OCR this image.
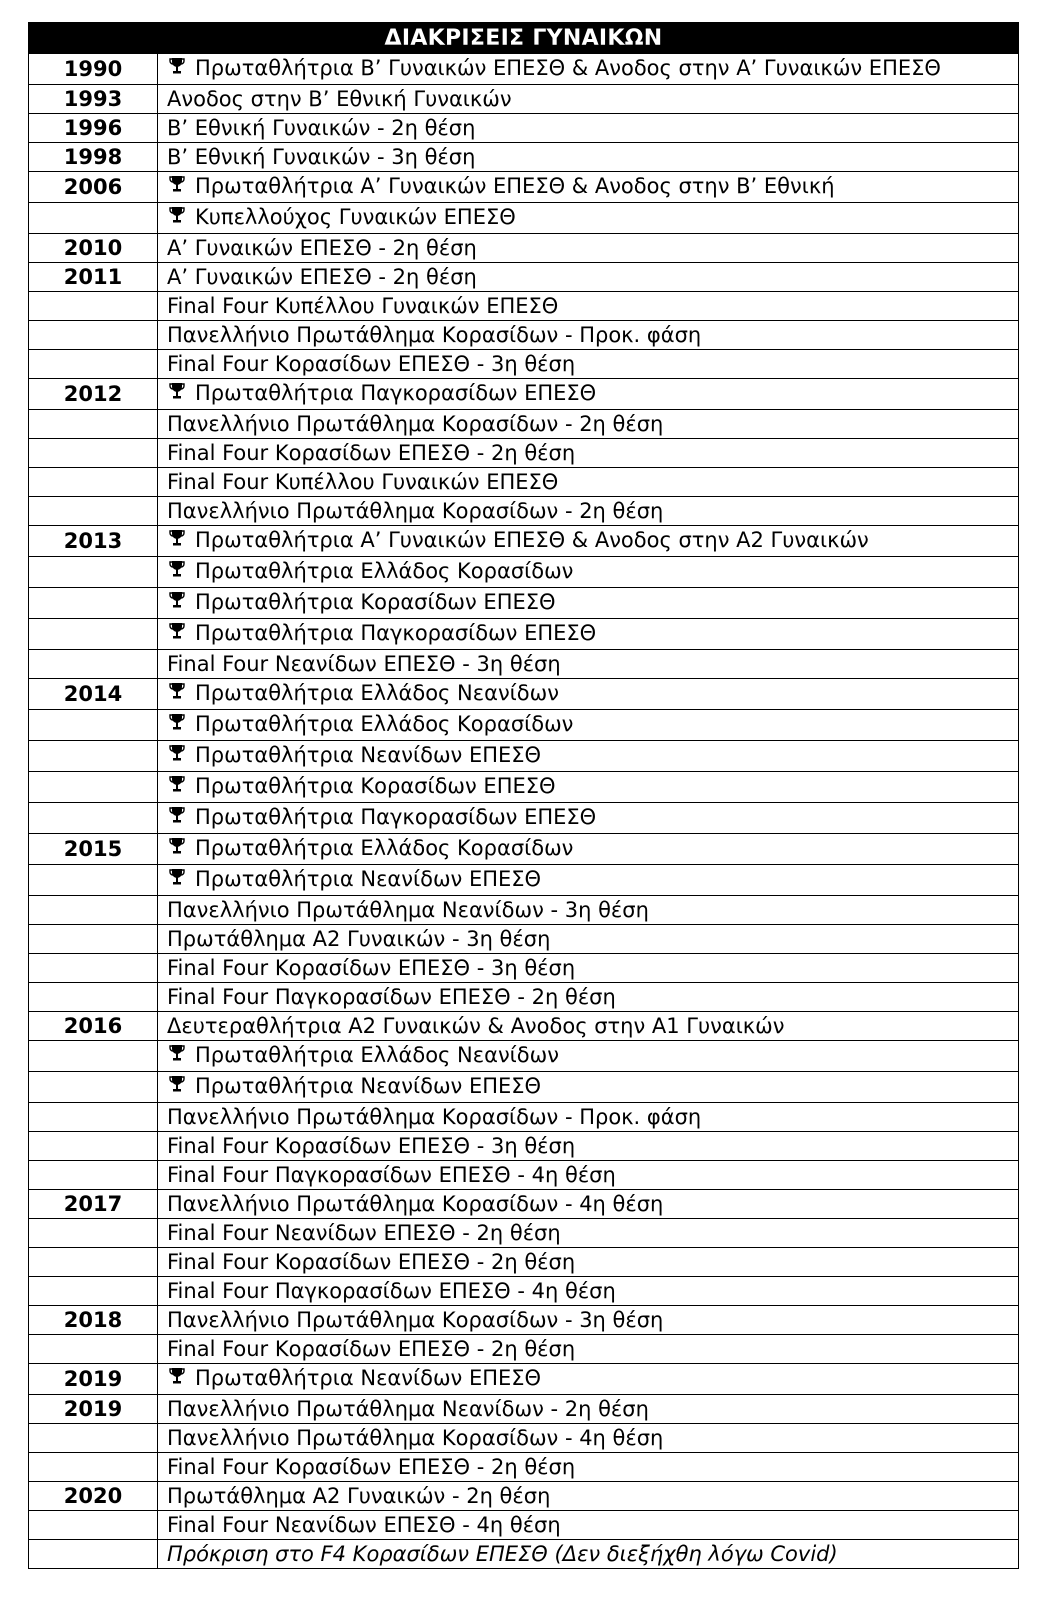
ΔΙΑΚΡΙΣΕΙΣ ΓΥΝΑΙΚΩΝ	
1990	Πρωταθλήτρια Β’ Γυναικών ΕΠΕΣΘ & Ανοδος στην Α’ Γυναικών ΕΠΕΣΘ
1993	Ανοδος στην Β’ Εθνική Γυναικών
1996	Β’ Εθνική Γυναικών - 2η θέση
1998	Β’ Εθνική Γυναικών - 3η θέση
2006	Πρωταθλήτρια Α’ Γυναικών ΕΠΕΣΘ & Ανοδος στην Β’ Εθνική
	Κυπελλούχος Γυναικών ΕΠΕΣΘ
2010	Α’ Γυναικών ΕΠΕΣΘ - 2η θέση
2011	Α’ Γυναικών ΕΠΕΣΘ - 2η θέση
	Final Four Κυπέλλου Γυναικών ΕΠΕΣΘ
	Πανελλήνιο Πρωτάθλημα Κορασίδων - Προκ. φάση
	Final Four Κορασίδων ΕΠΕΣΘ - 3η θέση
2012	Πρωταθλήτρια Παγκορασίδων ΕΠΕΣΘ
	Πανελλήνιο Πρωτάθλημα Κορασίδων - 2η θέση
	Final Four Κορασίδων ΕΠΕΣΘ - 2η θέση
	Final Four Κυπέλλου Γυναικών ΕΠΕΣΘ
	Πανελλήνιο Πρωτάθλημα Κορασίδων - 2η θέση
2013	Πρωταθλήτρια Α’ Γυναικών ΕΠΕΣΘ & Ανοδος στην Α2 Γυναικών
	Πρωταθλήτρια Ελλάδος Κορασίδων
	Πρωταθλήτρια Κορασίδων ΕΠΕΣΘ
	Πρωταθλήτρια Παγκορασίδων ΕΠΕΣΘ
	Final Four Νεανίδων ΕΠΕΣΘ - 3η θέση
2014	Πρωταθλήτρια Ελλάδος Νεανίδων
	Πρωταθλήτρια Ελλάδος Κορασίδων
	Πρωταθλήτρια Νεανίδων ΕΠΕΣΘ
	Πρωταθλήτρια Κορασίδων ΕΠΕΣΘ
	Πρωταθλήτρια Παγκορασίδων ΕΠΕΣΘ
2015	Πρωταθλήτρια Ελλάδος Κορασίδων
	Πρωταθλήτρια Νεανίδων ΕΠΕΣΘ
	Πανελλήνιο Πρωτάθλημα Νεανίδων - 3η θέση
	Πρωτάθλημα Α2 Γυναικών - 3η θέση
	Final Four Κορασίδων ΕΠΕΣΘ - 3η θέση
	Final Four Παγκορασίδων ΕΠΕΣΘ - 2η θέση
2016	Δευτεραθλήτρια Α2 Γυναικών & Ανοδος στην Α1 Γυναικών
	Πρωταθλήτρια Ελλάδος Νεανίδων
	Πρωταθλήτρια Νεανίδων ΕΠΕΣΘ
	Πανελλήνιο Πρωτάθλημα Κορασίδων - Προκ. φάση
	Final Four Κορασίδων ΕΠΕΣΘ - 3η θέση
	Final Four Παγκορασίδων ΕΠΕΣΘ - 4η θέση
2017	Πανελλήνιο Πρωτάθλημα Κορασίδων - 4η θέση
	Final Four Νεανίδων ΕΠΕΣΘ - 2η θέση
	Final Four Κορασίδων ΕΠΕΣΘ - 2η θέση
	Final Four Παγκορασίδων ΕΠΕΣΘ - 4η θέση
2018	Πανελλήνιο Πρωτάθλημα Κορασίδων - 3η θέση
	Final Four Κορασίδων ΕΠΕΣΘ - 2η θέση
2019	Πρωταθλήτρια Νεανίδων ΕΠΕΣΘ
2019	Πανελλήνιο Πρωτάθλημα Νεανίδων - 2η θέση
	Πανελλήνιο Πρωτάθλημα Κορασίδων - 4η θέση
	Final Four Κορασίδων ΕΠΕΣΘ - 2η θέση
2020	Πρωτάθλημα Α2 Γυναικών - 2η θέση
	Final Four Νεανίδων ΕΠΕΣΘ - 4η θέση
	Πρόκριση στο F4 Κορασίδων ΕΠΕΣΘ (Δεν διεξήχθη λόγω Covid)
